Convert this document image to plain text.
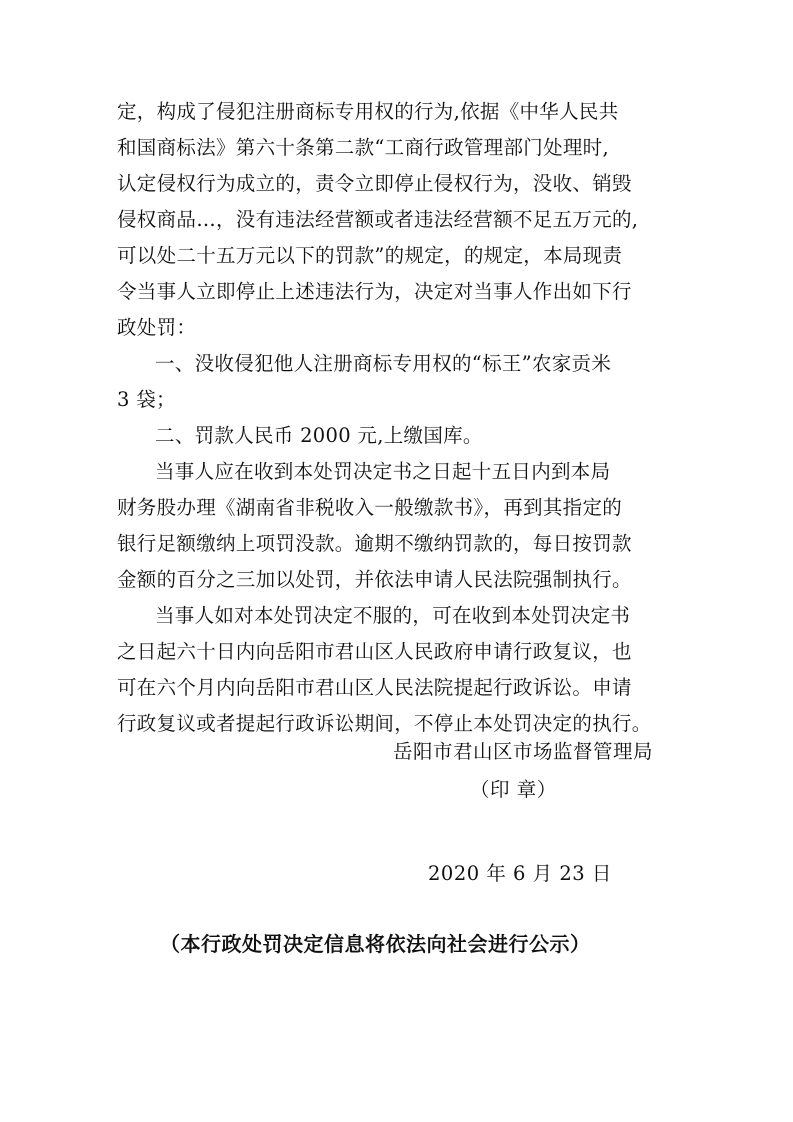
定，构成了侵犯注册商标专用权的行为,依据《中华人民共
和国商标法》第六十条第二款“工商行政管理部门处理时,
认定侵权行为成立的，责令立即停止侵权行为，没收、销毁
侵权商品…，没有违法经营额或者违法经营额不足五万元的,
可以处二十五万元以下的罚款”的规定，的规定，本局现责
令当事人立即停止上述违法行为，决定对当事人作出如下行
政处罚：
一、没收侵犯他人注册商标专用权的“标王”农家贡米
3 袋；
二、罚款人民币 2000 元,上缴国库。
当事人应在收到本处罚决定书之日起十五日内到本局
财务股办理《湖南省非税收入一般缴款书》，再到其指定的
银行足额缴纳上项罚没款。逾期不缴纳罚款的，每日按罚款
金额的百分之三加以处罚，并依法申请人民法院强制执行。
当事人如对本处罚决定不服的，可在收到本处罚决定书
之日起六十日内向岳阳市君山区人民政府申请行政复议，也
可在六个月内向岳阳市君山区人民法院提起行政诉讼。申请
行政复议或者提起行政诉讼期间，不停止本处罚决定的执行。
岳阳市君山区市场监督管理局
（印 章）
2020 年 6 月 23 日
（本行政处罚决定信息将依法向社会进行公示）
